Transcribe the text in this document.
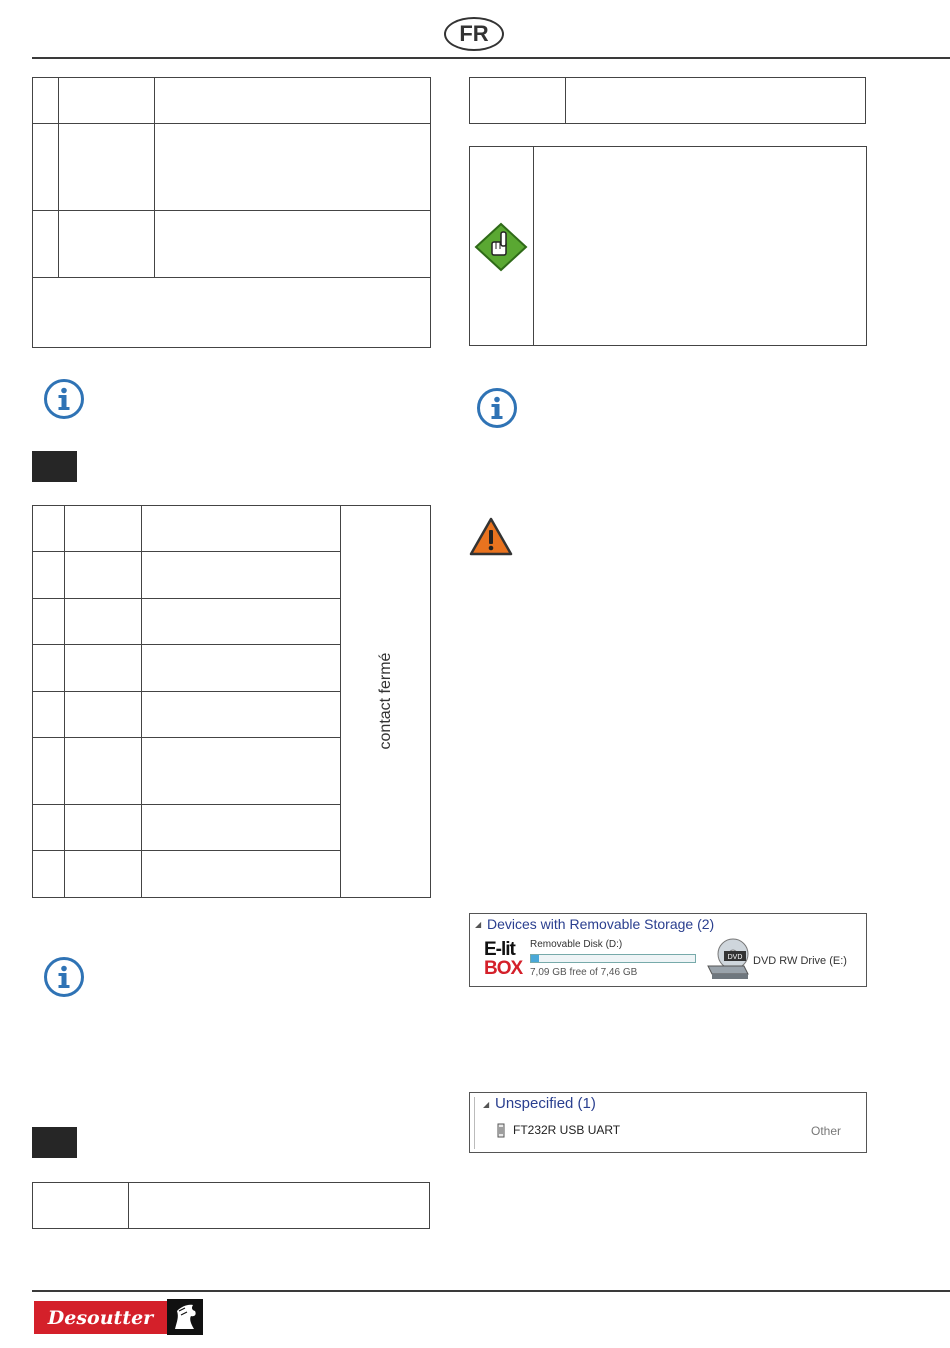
FR

contact fermé

◢ Devices with Removable Storage (2)
E-lit
BOX
Removable Disk (D:)
7,09 GB free of 7,46 GB
DVD DVD RW Drive (E:)
◢ Unspecified (1)
FT232R USB UART	Other
Desoutter
